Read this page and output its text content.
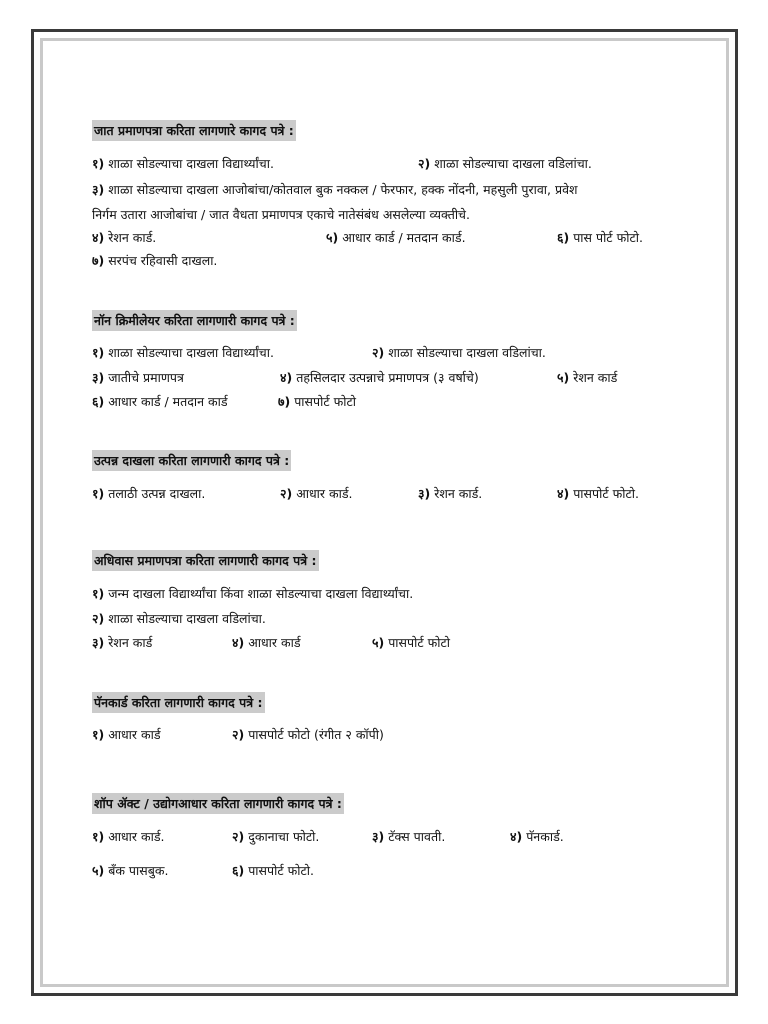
जात प्रमाणपत्रा करिता लागणारे कागद पत्रे :
१) शाळा सोडल्याचा दाखला विद्यार्थ्यांचा.	२) शाळा सोडल्याचा दाखला वडिलांचा.
३) शाळा सोडल्याचा दाखला आजोबांचा/कोतवाल बुक नक्कल / फेरफार, हक्क नोंदनी, महसुली पुरावा, प्रवेश
निर्गम उतारा आजोबांचा / जात वैधता प्रमाणपत्र एकाचे नातेसंबंध असलेल्या व्यक्तीचे.
४) रेशन कार्ड.	५) आधार कार्ड / मतदान कार्ड.	६) पास पोर्ट फोटो.
७) सरपंच रहिवासी दाखला.
नॉन क्रिमीलेयर करिता लागणारी कागद पत्रे :
१) शाळा सोडल्याचा दाखला विद्यार्थ्यांचा.	२) शाळा सोडल्याचा दाखला वडिलांचा.
३) जातीचे प्रमाणपत्र	४) तहसिलदार उत्पन्नाचे प्रमाणपत्र (३ वर्षाचे)	५) रेशन कार्ड
६) आधार कार्ड / मतदान कार्ड	७) पासपोर्ट फोटो
उत्पन्न दाखला करिता लागणारी कागद पत्रे :
१) तलाठी उत्पन्न दाखला.	२) आधार कार्ड.	३) रेशन कार्ड.	४) पासपोर्ट फोटो.
अधिवास प्रमाणपत्रा करिता लागणारी कागद पत्रे :
१) जन्म दाखला विद्यार्थ्यांचा किंवा शाळा सोडल्याचा दाखला विद्यार्थ्यांचा.
२) शाळा सोडल्याचा दाखला वडिलांचा.
३) रेशन कार्ड	४) आधार कार्ड	५) पासपोर्ट फोटो
पॅनकार्ड करिता लागणारी कागद पत्रे :
१) आधार कार्ड	२) पासपोर्ट फोटो (रंगीत २ कॉपी)
शॉप ॲक्ट / उद्योगआधार करिता लागणारी कागद पत्रे :
१) आधार कार्ड.	२) दुकानाचा फोटो.	३) टॅक्स पावती.	४) पॅनकार्ड.
५) बँक पासबुक.	६) पासपोर्ट फोटो.
